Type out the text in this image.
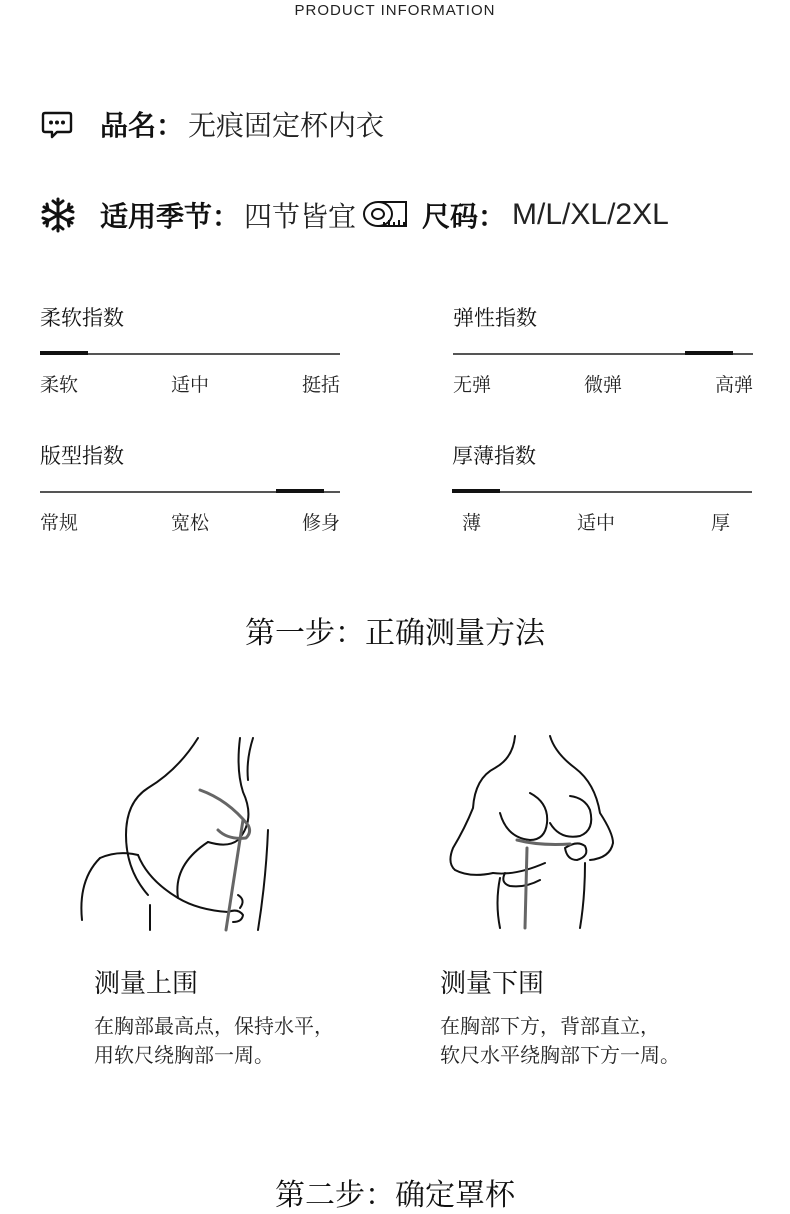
PRODUCT INFORMATION
品名： 无痕固定杯内衣
适用季节： 四节皆宜 尺码： M/L/XL/2XL
柔软指数
柔软	适中	挺括
弹性指数
无弹	微弹	高弹
版型指数
常规	宽松	修身
厚薄指数
薄	适中	厚
第一步：正确测量方法
测量上围
在胸部最高点，保持水平，
用软尺绕胸部一周。
测量下围
在胸部下方，背部直立，
软尺水平绕胸部下方一周。
第二步：确定罩杯
